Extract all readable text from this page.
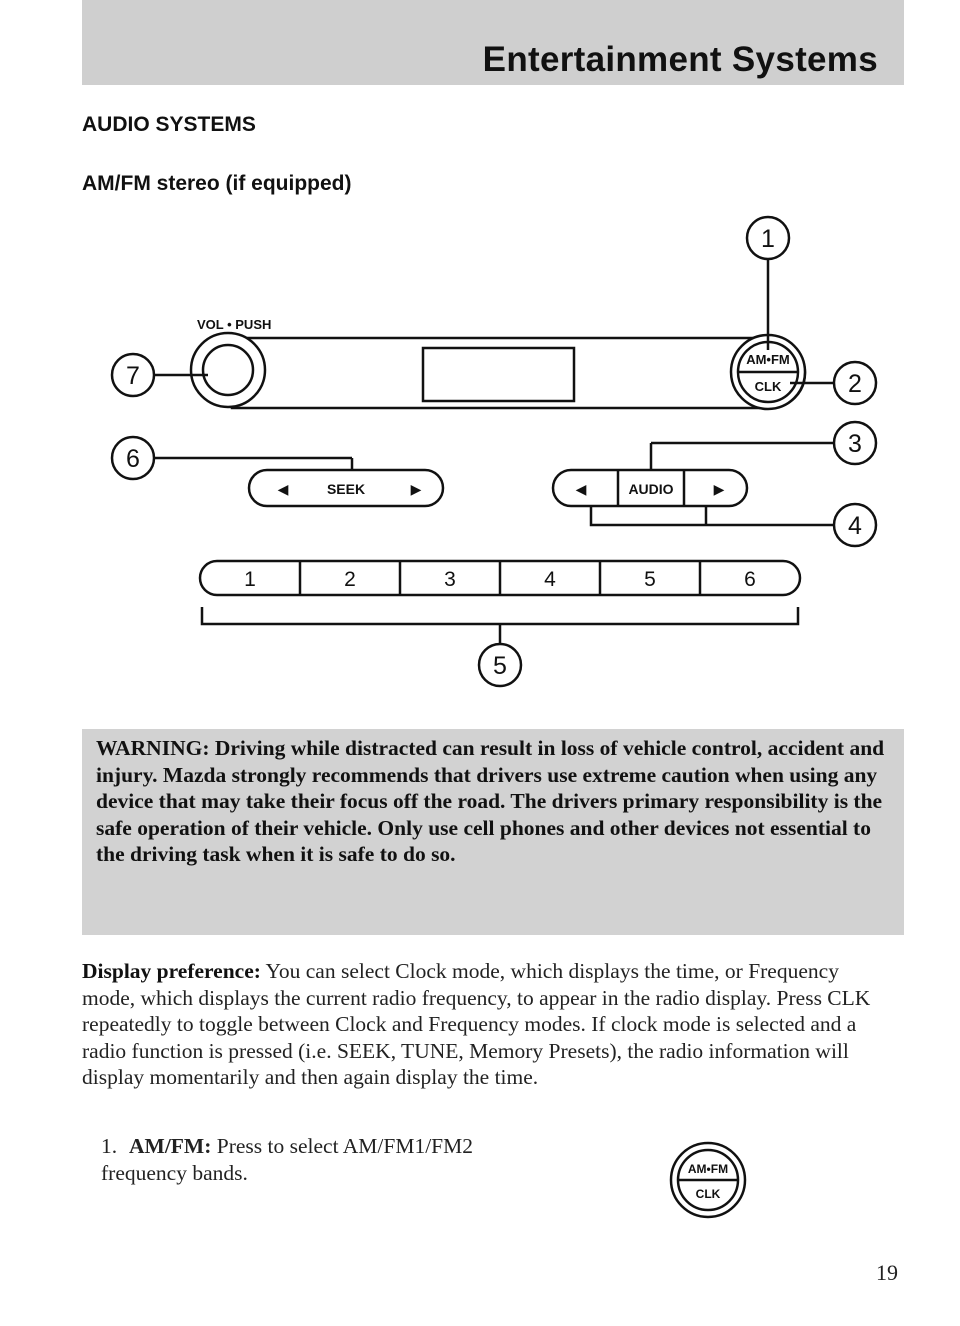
Entertainment Systems
AUDIO SYSTEMS
AM/FM stereo (if equipped)
VOL • PUSH
AM•FM
CLK
◀	SEEK	▶	◀	AUDIO	▶
1	2	3	4	5	6
1
2
3
4
5
6
7
WARNING: Driving while distracted can result in loss of vehicle control, accident and injury. Mazda strongly recommends that drivers use extreme caution when using any device that may take their focus off the road. The drivers primary responsibility is the safe operation of their vehicle. Only use cell phones and other devices not essential to the driving task when it is safe to do so.
Display preference: You can select Clock mode, which displays the time, or Frequency mode, which displays the current radio frequency, to appear in the radio display. Press CLK repeatedly to toggle between Clock and Frequency modes. If clock mode is selected and a radio function is pressed (i.e. SEEK, TUNE, Memory Presets), the radio information will display momentarily and then again display the time.
1. AM/FM: Press to select AM/FM1/FM2 frequency bands.	AM•FM
CLK
19
